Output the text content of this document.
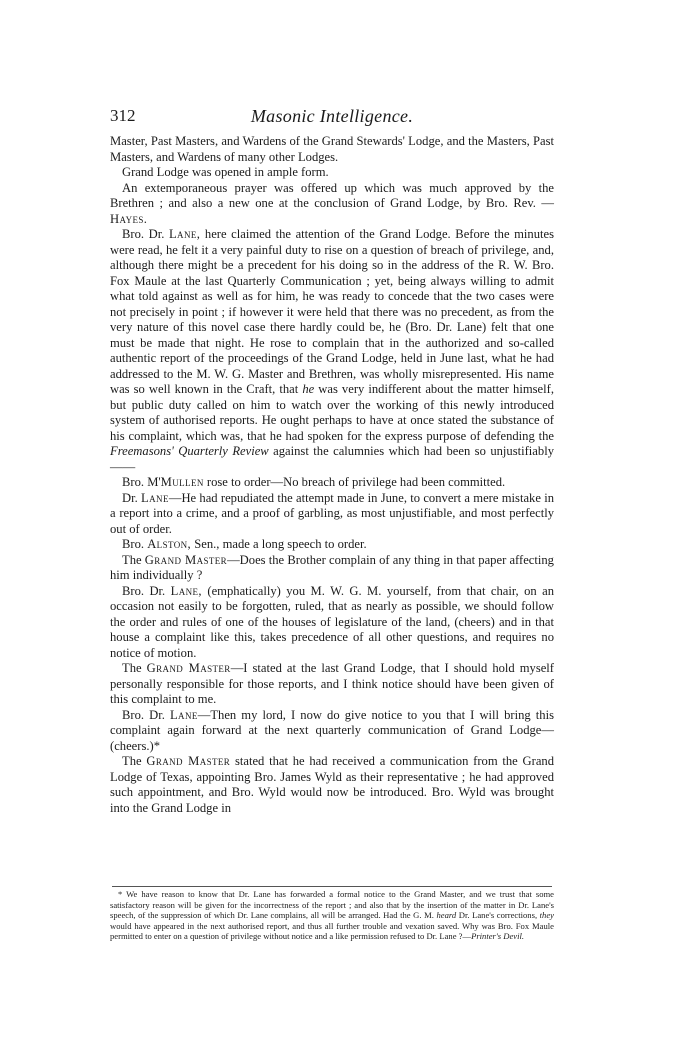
312	Masonic Intelligence.

Master, Past Masters, and Wardens of the Grand Stewards' Lodge, and the Masters, Past Masters, and Wardens of many other Lodges.

Grand Lodge was opened in ample form.

An extemporaneous prayer was offered up which was much approved by the Brethren ; and also a new one at the conclusion of Grand Lodge, by Bro. Rev. — Hayes.

Bro. Dr. Lane, here claimed the attention of the Grand Lodge. Before the minutes were read, he felt it a very painful duty to rise on a question of breach of privilege, and, although there might be a precedent for his doing so in the address of the R. W. Bro. Fox Maule at the last Quarterly Communication ; yet, being always willing to admit what told against as well as for him, he was ready to concede that the two cases were not precisely in point ; if however it were held that there was no precedent, as from the very nature of this novel case there hardly could be, he (Bro. Dr. Lane) felt that one must be made that night. He rose to complain that in the authorized and so-called authentic report of the proceedings of the Grand Lodge, held in June last, what he had addressed to the M. W. G. Master and Brethren, was wholly misrepresented. His name was so well known in the Craft, that he was very indifferent about the matter himself, but public duty called on him to watch over the working of this newly introduced system of authorised reports. He ought perhaps to have at once stated the substance of his complaint, which was, that he had spoken for the express purpose of defending the Freemasons' Quarterly Review against the calumnies which had been so unjustifiably——

Bro. M'Mullen rose to order—No breach of privilege had been committed.

Dr. Lane—He had repudiated the attempt made in June, to convert a mere mistake in a report into a crime, and a proof of garbling, as most unjustifiable, and most perfectly out of order.

Bro. Alston, Sen., made a long speech to order.

The Grand Master—Does the Brother complain of any thing in that paper affecting him individually ?

Bro. Dr. Lane, (emphatically) you M. W. G. M. yourself, from that chair, on an occasion not easily to be forgotten, ruled, that as nearly as possible, we should follow the order and rules of one of the houses of legislature of the land, (cheers) and in that house a complaint like this, takes precedence of all other questions, and requires no notice of motion.

The Grand Master—I stated at the last Grand Lodge, that I should hold myself personally responsible for those reports, and I think notice should have been given of this complaint to me.

Bro. Dr. Lane—Then my lord, I now do give notice to you that I will bring this complaint again forward at the next quarterly communication of Grand Lodge—(cheers.)*

The Grand Master stated that he had received a communication from the Grand Lodge of Texas, appointing Bro. James Wyld as their representative ; he had approved such appointment, and Bro. Wyld would now be introduced. Bro. Wyld was brought into the Grand Lodge in

* We have reason to know that Dr. Lane has forwarded a formal notice to the Grand Master, and we trust that some satisfactory reason will be given for the incorrectness of the report ; and also that by the insertion of the matter in Dr. Lane's speech, of the suppression of which Dr. Lane complains, all will be arranged. Had the G. M. heard Dr. Lane's corrections, they would have appeared in the next authorised report, and thus all further trouble and vexation saved. Why was Bro. Fox Maule permitted to enter on a question of privilege without notice and a like permission refused to Dr. Lane ?—Printer's Devil.
